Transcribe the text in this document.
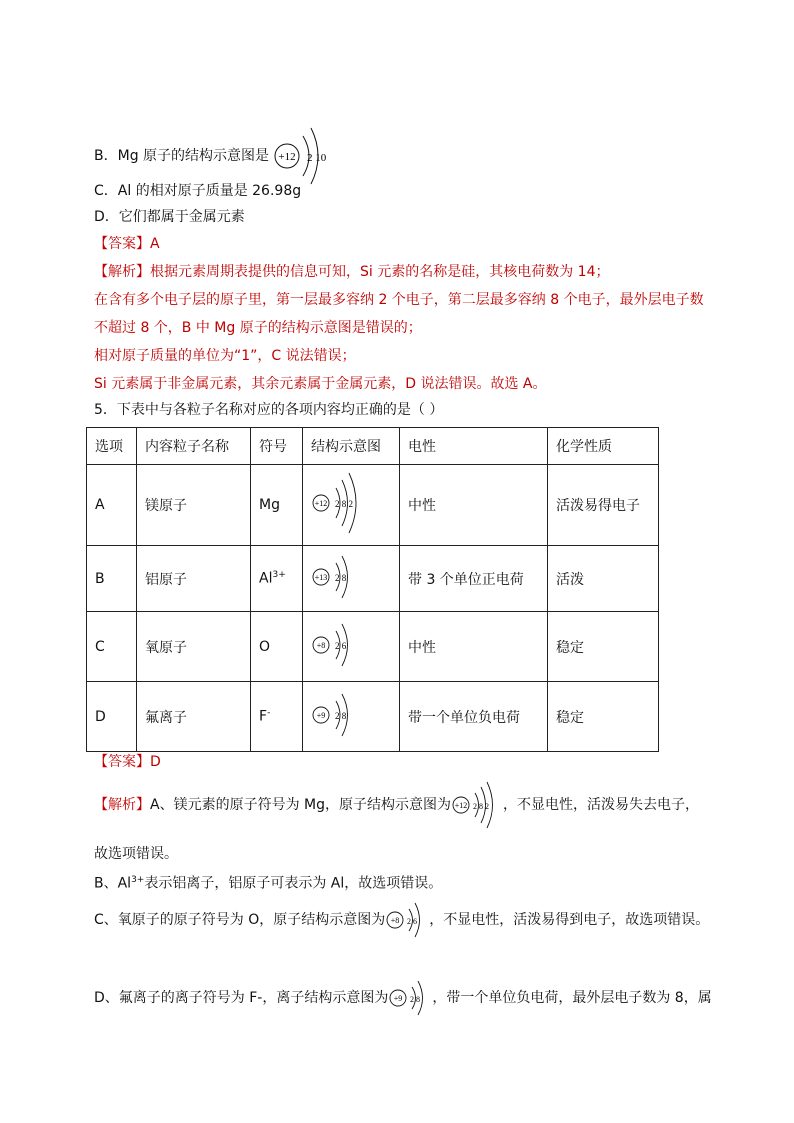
B．Mg 原子的结构示意图是 +12 2 10
C．Al 的相对原子质量是 26.98g
D．它们都属于金属元素
【答案】A
【解析】根据元素周期表提供的信息可知，Si 元素的名称是硅，其核电荷数为 14；
在含有多个电子层的原子里，第一层最多容纳 2 个电子，第二层最多容纳 8 个电子，最外层电子数
不超过 8 个，B 中 Mg 原子的结构示意图是错误的；
相对原子质量的单位为“1”，C 说法错误；
Si 元素属于非金属元素，其余元素属于金属元素，D 说法错误。故选 A。
5．下表中与各粒子名称对应的各项内容均正确的是（ ）
选项	内容粒子名称	符号	结构示意图	电性	化学性质
A	镁原子	Mg	+12 2 8 2	中性	活泼易得电子
B	铝原子	$Al^{3+}$	+13 2 8	带 3 个单位正电荷	活泼
C	氧原子	O	+8 2 6	中性	稳定
D	氟离子	F-	+9 2 8	带一个单位负电荷	稳定
【答案】D
【解析】 A、镁元素的原子符号为 Mg，原子结构示意图为 +12 2 8 2 ，不显电性，活泼易失去电子，
故选项错误。
B、$Al^{3+}$表示铝离子，铝原子可表示为 Al，故选项错误。
C、氧原子的原子符号为 O，原子结构示意图为 +8 2 6 ，不显电性，活泼易得到电子，故选项错误。
D、氟离子的离子符号为 F-，离子结构示意图为 +9 2 8 ，带一个单位负电荷，最外层电子数为 8，属
